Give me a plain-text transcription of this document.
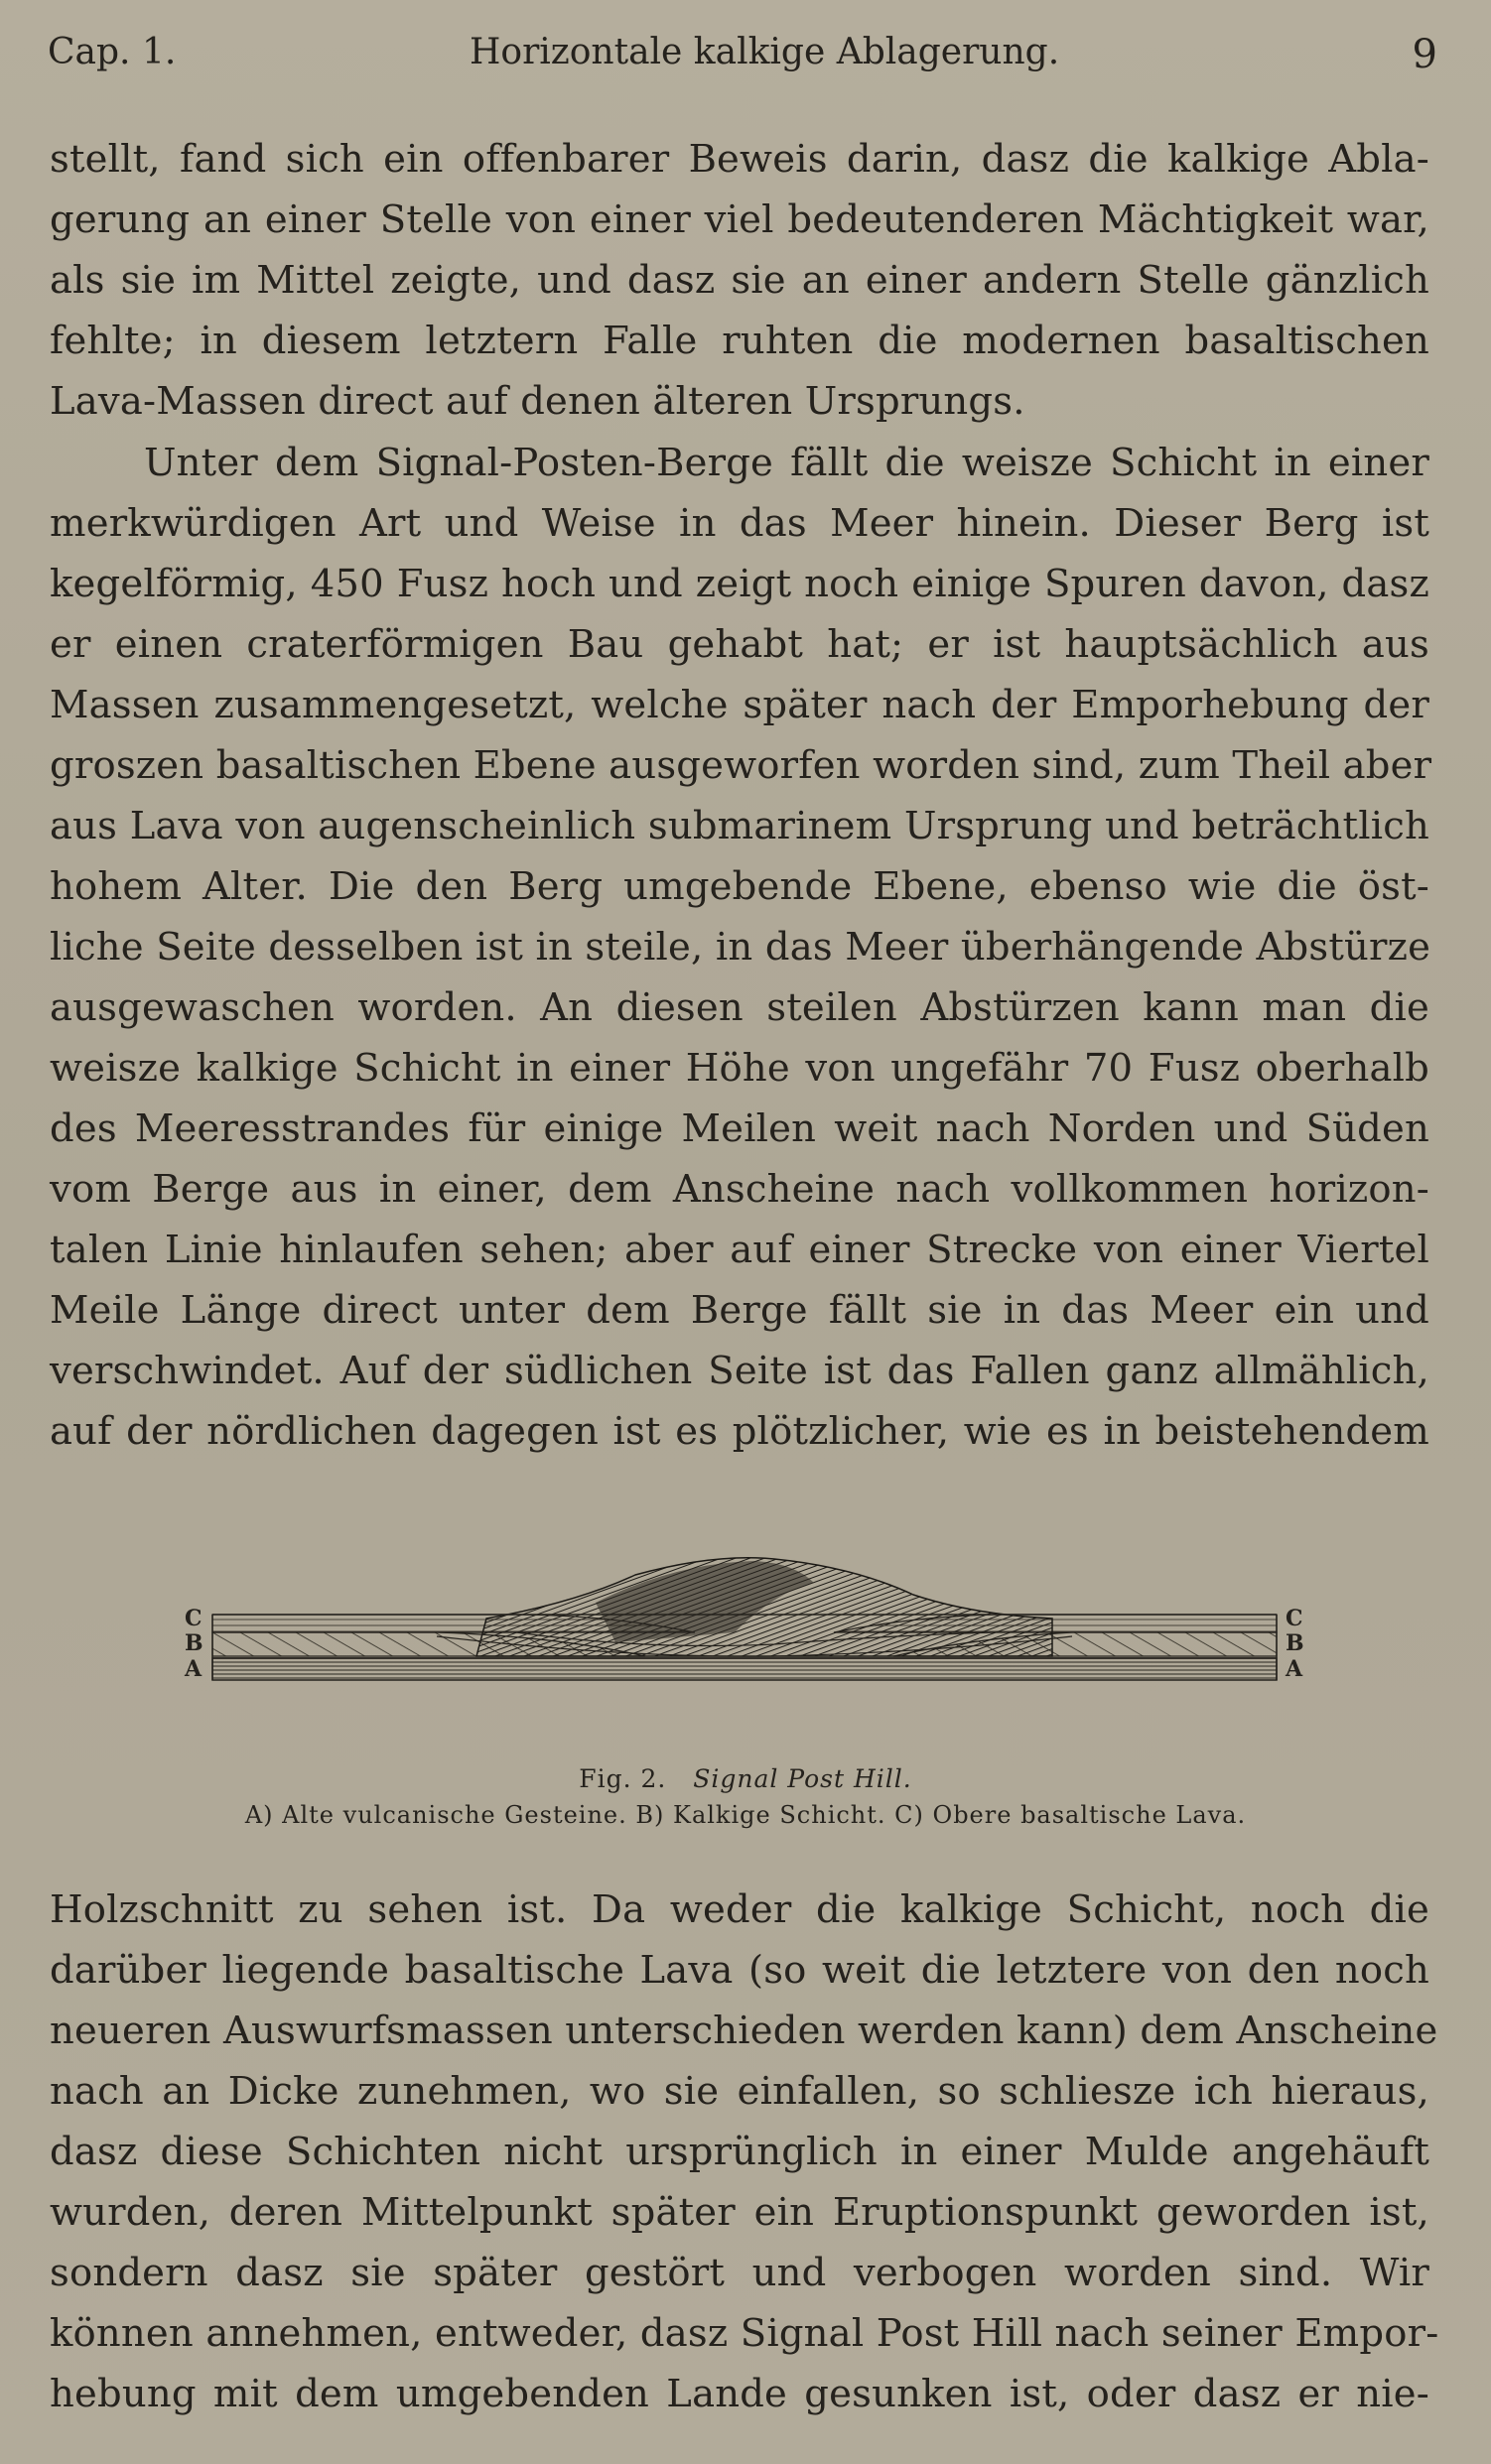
Cap. 1.	Horizontale kalkige Ablagerung.	9
stellt, fand sich ein offenbarer Beweis darin, dasz die kalkige Abla-
gerung an einer Stelle von einer viel bedeutenderen Mächtigkeit war,
als sie im Mittel zeigte, und dasz sie an einer andern Stelle gänzlich
fehlte; in diesem letztern Falle ruhten die modernen basaltischen
Lava-Massen direct auf denen älteren Ursprungs.
Unter dem Signal-Posten-Berge fällt die weisze Schicht in einer
merkwürdigen Art und Weise in das Meer hinein. Dieser Berg ist
kegelförmig, 450 Fusz hoch und zeigt noch einige Spuren davon, dasz
er einen craterförmigen Bau gehabt hat; er ist hauptsächlich aus
Massen zusammengesetzt, welche später nach der Emporhebung der
groszen basaltischen Ebene ausgeworfen worden sind, zum Theil aber
aus Lava von augenscheinlich submarinem Ursprung und beträchtlich
hohem Alter. Die den Berg umgebende Ebene, ebenso wie die öst-
liche Seite desselben ist in steile, in das Meer überhängende Abstürze
ausgewaschen worden. An diesen steilen Abstürzen kann man die
weisze kalkige Schicht in einer Höhe von ungefähr 70 Fusz oberhalb
des Meeresstrandes für einige Meilen weit nach Norden und Süden
vom Berge aus in einer, dem Anscheine nach vollkommen horizon-
talen Linie hinlaufen sehen; aber auf einer Strecke von einer Viertel
Meile Länge direct unter dem Berge fällt sie in das Meer ein und
verschwindet. Auf der südlichen Seite ist das Fallen ganz allmählich,
auf der nördlichen dagegen ist es plötzlicher, wie es in beistehendem
C
B
A
C
B
A
Fig. 2. Signal Post Hill.
A) Alte vulcanische Gesteine. B) Kalkige Schicht. C) Obere basaltische Lava.
Holzschnitt zu sehen ist. Da weder die kalkige Schicht, noch die
darüber liegende basaltische Lava (so weit die letztere von den noch
neueren Auswurfsmassen unterschieden werden kann) dem Anscheine
nach an Dicke zunehmen, wo sie einfallen, so schliesze ich hieraus,
dasz diese Schichten nicht ursprünglich in einer Mulde angehäuft
wurden, deren Mittelpunkt später ein Eruptionspunkt geworden ist,
sondern dasz sie später gestört und verbogen worden sind. Wir
können annehmen, entweder, dasz Signal Post Hill nach seiner Empor-
hebung mit dem umgebenden Lande gesunken ist, oder dasz er nie-
